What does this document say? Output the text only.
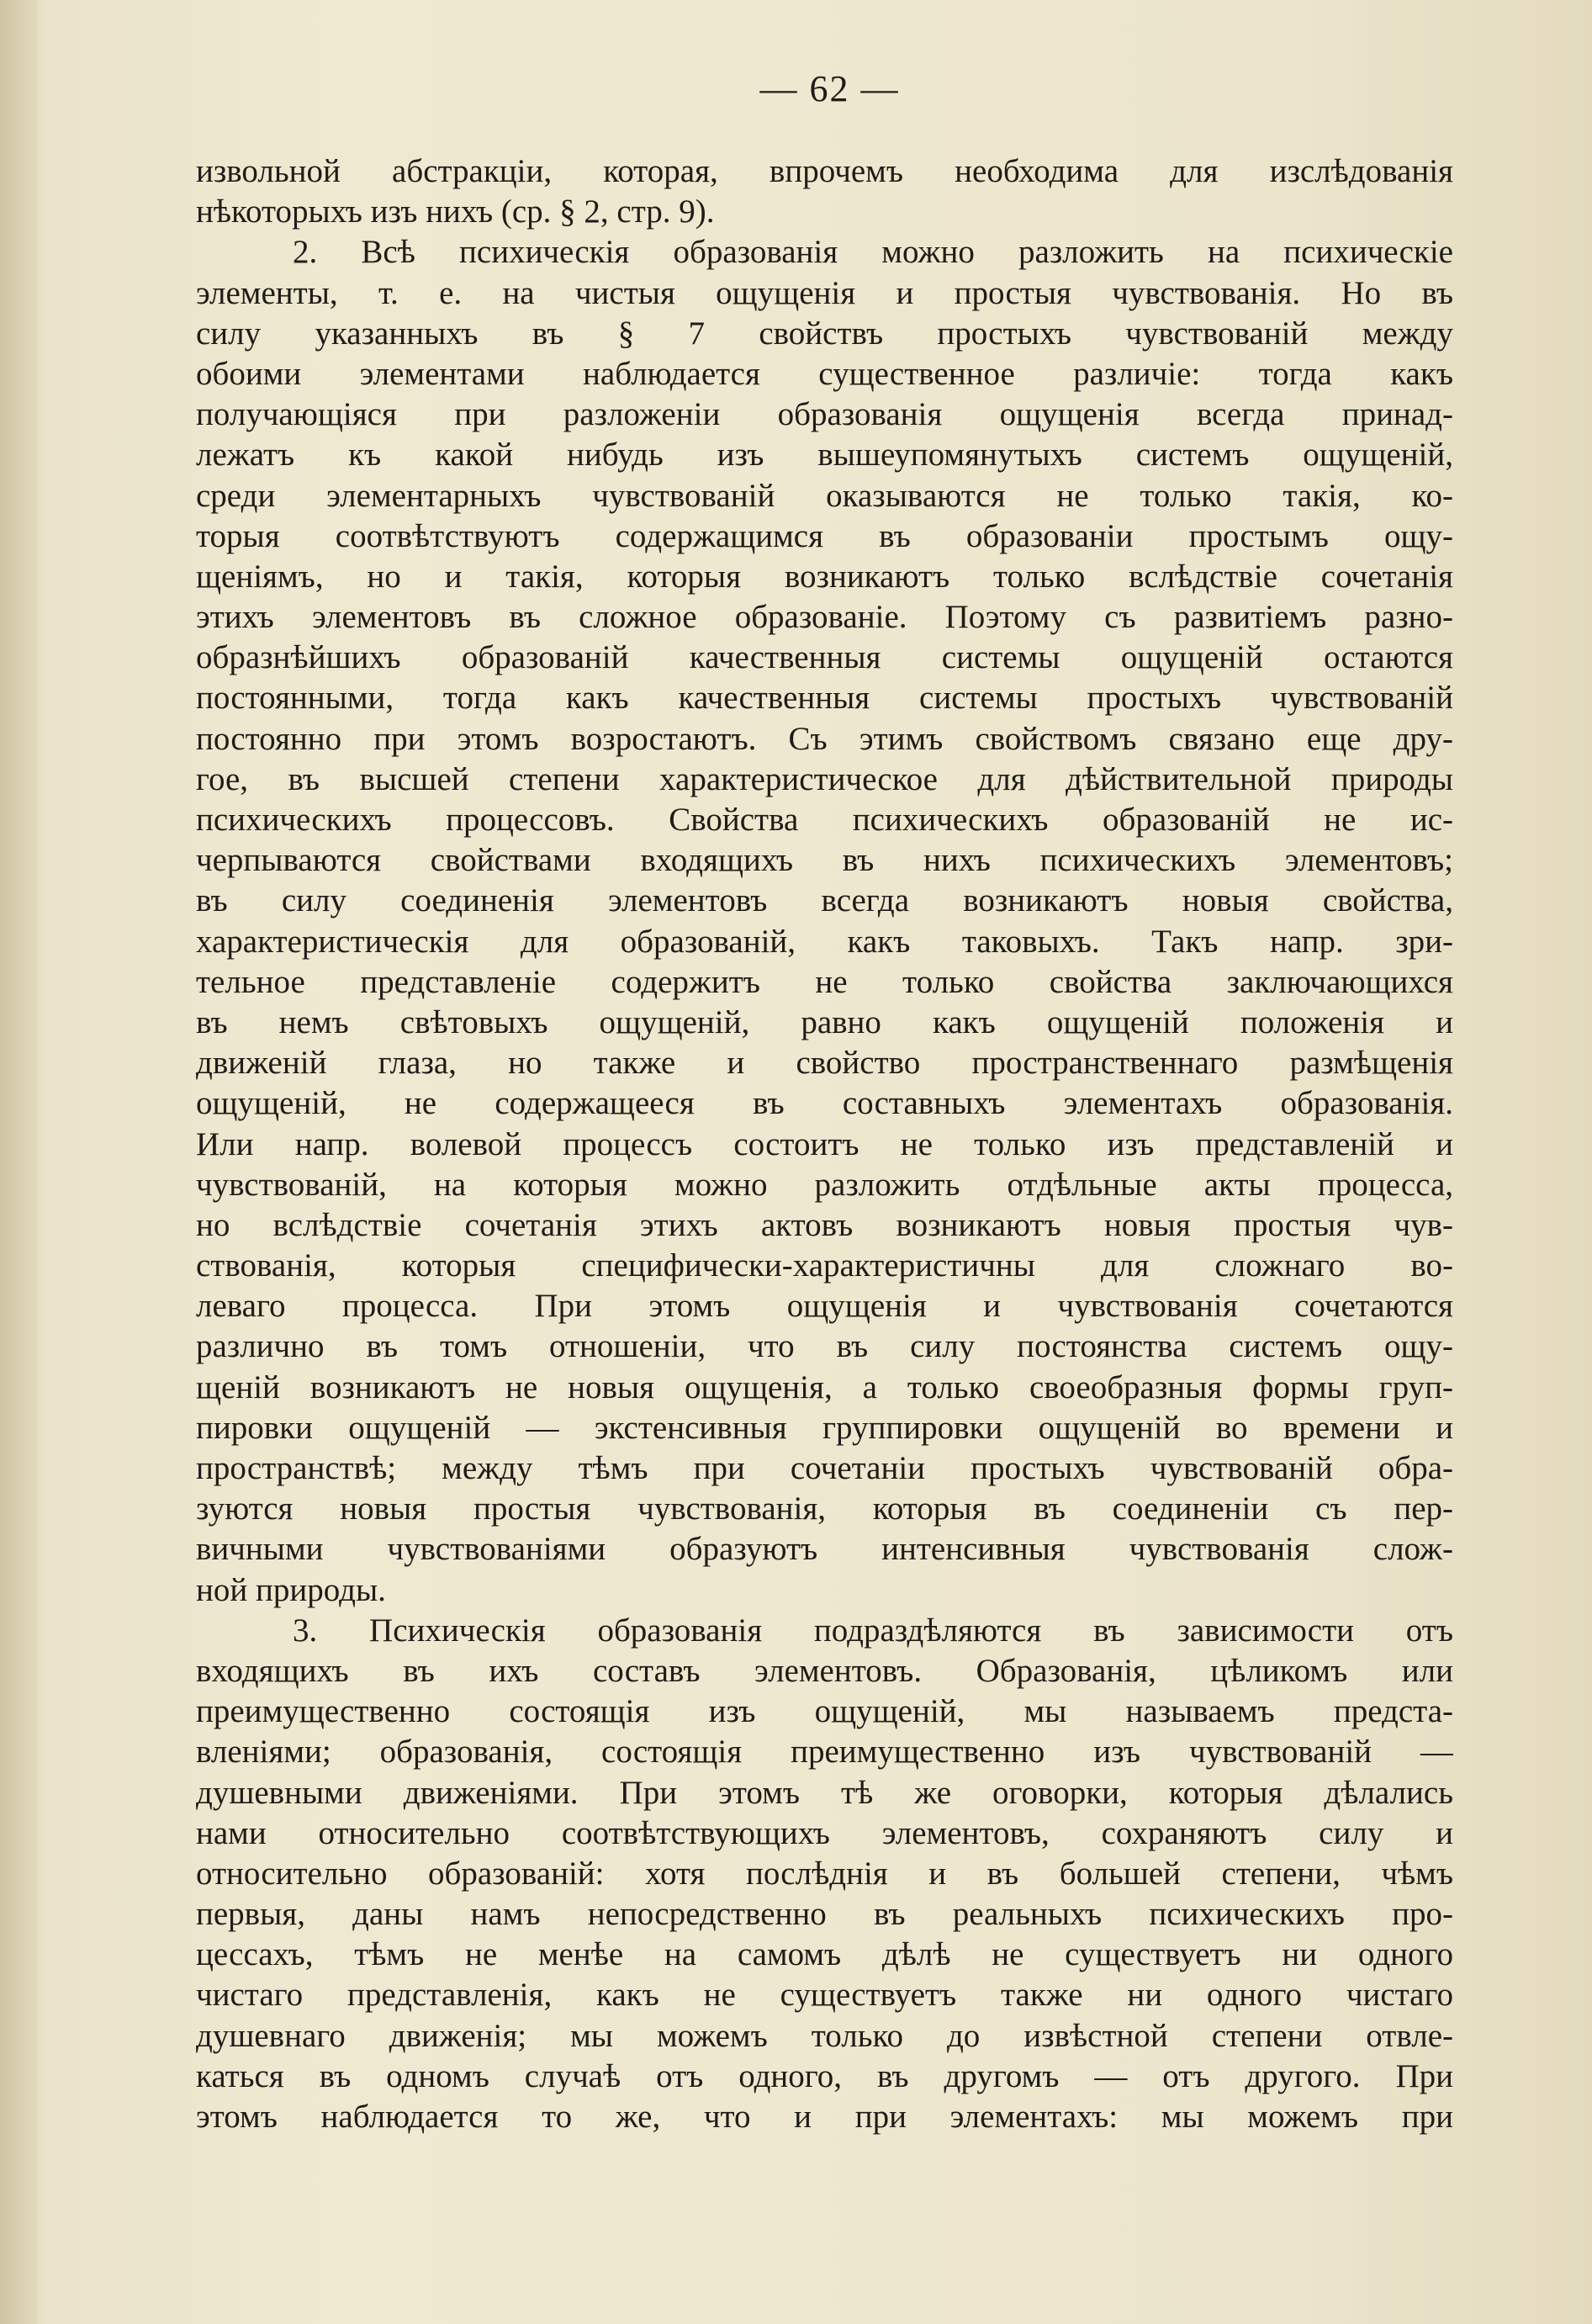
— 62 —
извольной абстракціи, которая, впрочемъ необходима для изслѣдованія
нѣкоторыхъ изъ нихъ (ср. § 2, стр. 9).
2. Всѣ психическія образованія можно разложить на психическіе
элементы, т. е. на чистыя ощущенія и простыя чувствованія. Но въ
силу указанныхъ въ § 7 свойствъ простыхъ чувствованій между
обоими элементами наблюдается существенное различіе: тогда какъ
получающіяся при разложеніи образованія ощущенія всегда принад-
лежатъ къ какой нибудь изъ вышеупомянутыхъ системъ ощущеній,
среди элементарныхъ чувствованій оказываются не только такія, ко-
торыя соотвѣтствуютъ содержащимся въ образованіи простымъ ощу-
щеніямъ, но и такія, которыя возникаютъ только вслѣдствіе сочетанія
этихъ элементовъ въ сложное образованіе. Поэтому съ развитіемъ разно-
образнѣйшихъ образованій качественныя системы ощущеній остаются
постоянными, тогда какъ качественныя системы простыхъ чувствованій
постоянно при этомъ возростаютъ. Съ этимъ свойствомъ связано еще дру-
гое, въ высшей степени характеристическое для дѣйствительной природы
психическихъ процессовъ. Свойства психическихъ образованій не ис-
черпываются свойствами входящихъ въ нихъ психическихъ элементовъ;
въ силу соединенія элементовъ всегда возникаютъ новыя свойства,
характеристическія для образованій, какъ таковыхъ. Такъ напр. зри-
тельное представленіе содержитъ не только свойства заключающихся
въ немъ свѣтовыхъ ощущеній, равно какъ ощущеній положенія и
движеній глаза, но также и свойство пространственнаго размѣщенія
ощущеній, не содержащееся въ составныхъ элементахъ образованія.
Или напр. волевой процессъ состоитъ не только изъ представленій и
чувствованій, на которыя можно разложить отдѣльные акты процесса,
но вслѣдствіе сочетанія этихъ актовъ возникаютъ новыя простыя чув-
ствованія, которыя специфически-характеристичны для сложнаго во-
леваго процесса. При этомъ ощущенія и чувствованія сочетаются
различно въ томъ отношеніи, что въ силу постоянства системъ ощу-
щеній возникаютъ не новыя ощущенія, а только своеобразныя формы груп-
пировки ощущеній — экстенсивныя группировки ощущеній во времени и
пространствѣ; между тѣмъ при сочетаніи простыхъ чувствованій обра-
зуются новыя простыя чувствованія, которыя въ соединеніи съ пер-
вичными чувствованіями образуютъ интенсивныя чувствованія слож-
ной природы.
3. Психическія образованія подраздѣляются въ зависимости отъ
входящихъ въ ихъ составъ элементовъ. Образованія, цѣликомъ или
преимущественно состоящія изъ ощущеній, мы называемъ предста-
вленіями; образованія, состоящія преимущественно изъ чувствованій —
душевными движеніями. При этомъ тѣ же оговорки, которыя дѣлались
нами относительно соотвѣтствующихъ элементовъ, сохраняютъ силу и
относительно образованій: хотя послѣднія и въ большей степени, чѣмъ
первыя, даны намъ непосредственно въ реальныхъ психическихъ про-
цессахъ, тѣмъ не менѣе на самомъ дѣлѣ не существуетъ ни одного
чистаго представленія, какъ не существуетъ также ни одного чистаго
душевнаго движенія; мы можемъ только до извѣстной степени отвле-
каться въ одномъ случаѣ отъ одного, въ другомъ — отъ другого. При
этомъ наблюдается то же, что и при элементахъ: мы можемъ при
